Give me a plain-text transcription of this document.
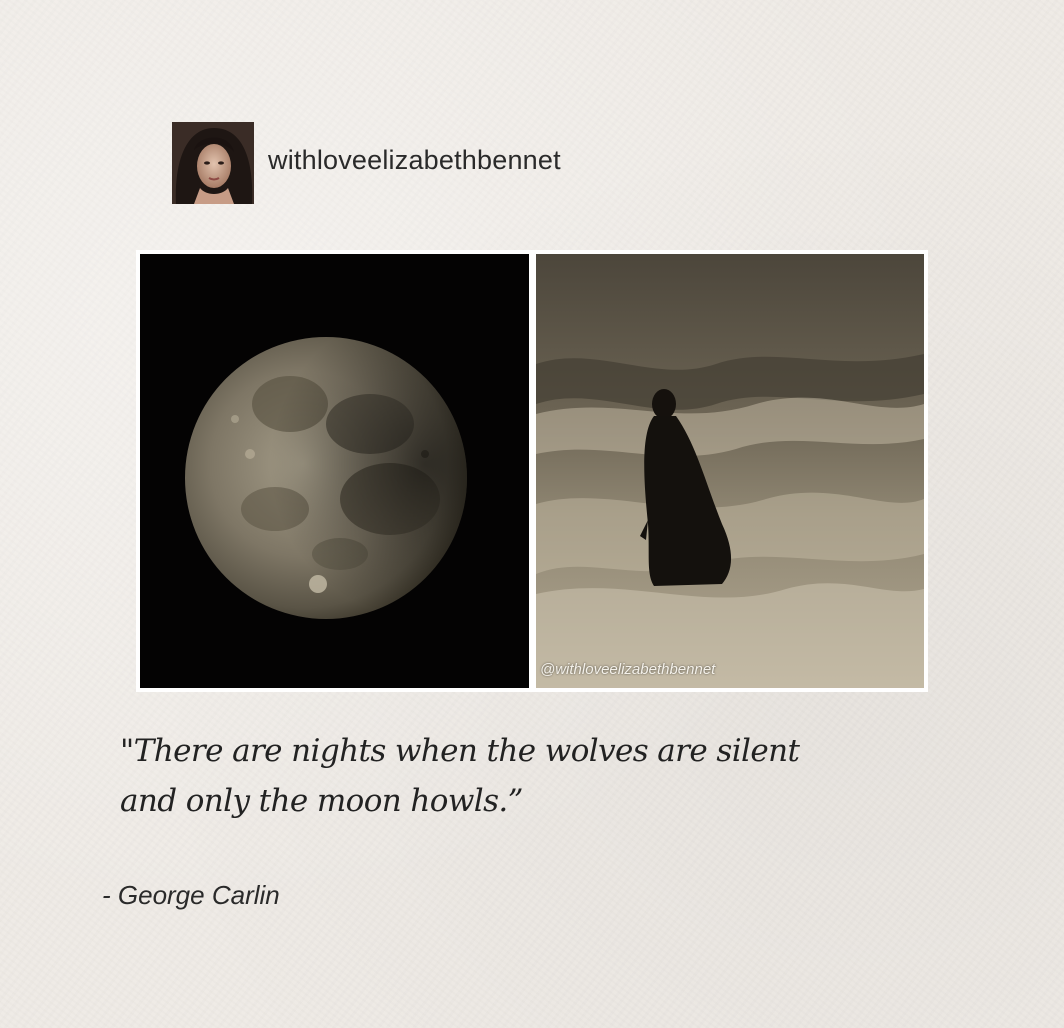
withloveelizabethbennet
@withloveelizabethbennet

"There are nights when the wolves are silent
and only the moon howls.”

- George Carlin
